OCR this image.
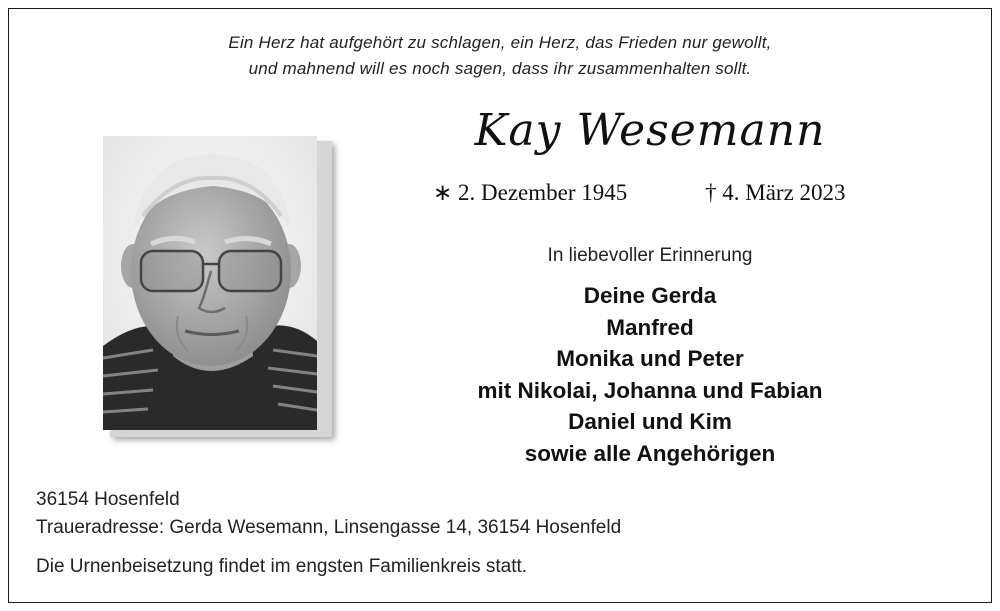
Ein Herz hat aufgehört zu schlagen, ein Herz, das Frieden nur gewollt,
und mahnend will es noch sagen, dass ihr zusammenhalten sollt.
Kay Wesemann
∗ 2. Dezember 1945	† 4. März 2023
In liebevoller Erinnerung
Deine Gerda
Manfred
Monika und Peter
mit Nikolai, Johanna und Fabian
Daniel und Kim
sowie alle Angehörigen
36154 Hosenfeld
Traueradresse: Gerda Wesemann, Linsengasse 14, 36154 Hosenfeld
Die Urnenbeisetzung findet im engsten Familienkreis statt.
